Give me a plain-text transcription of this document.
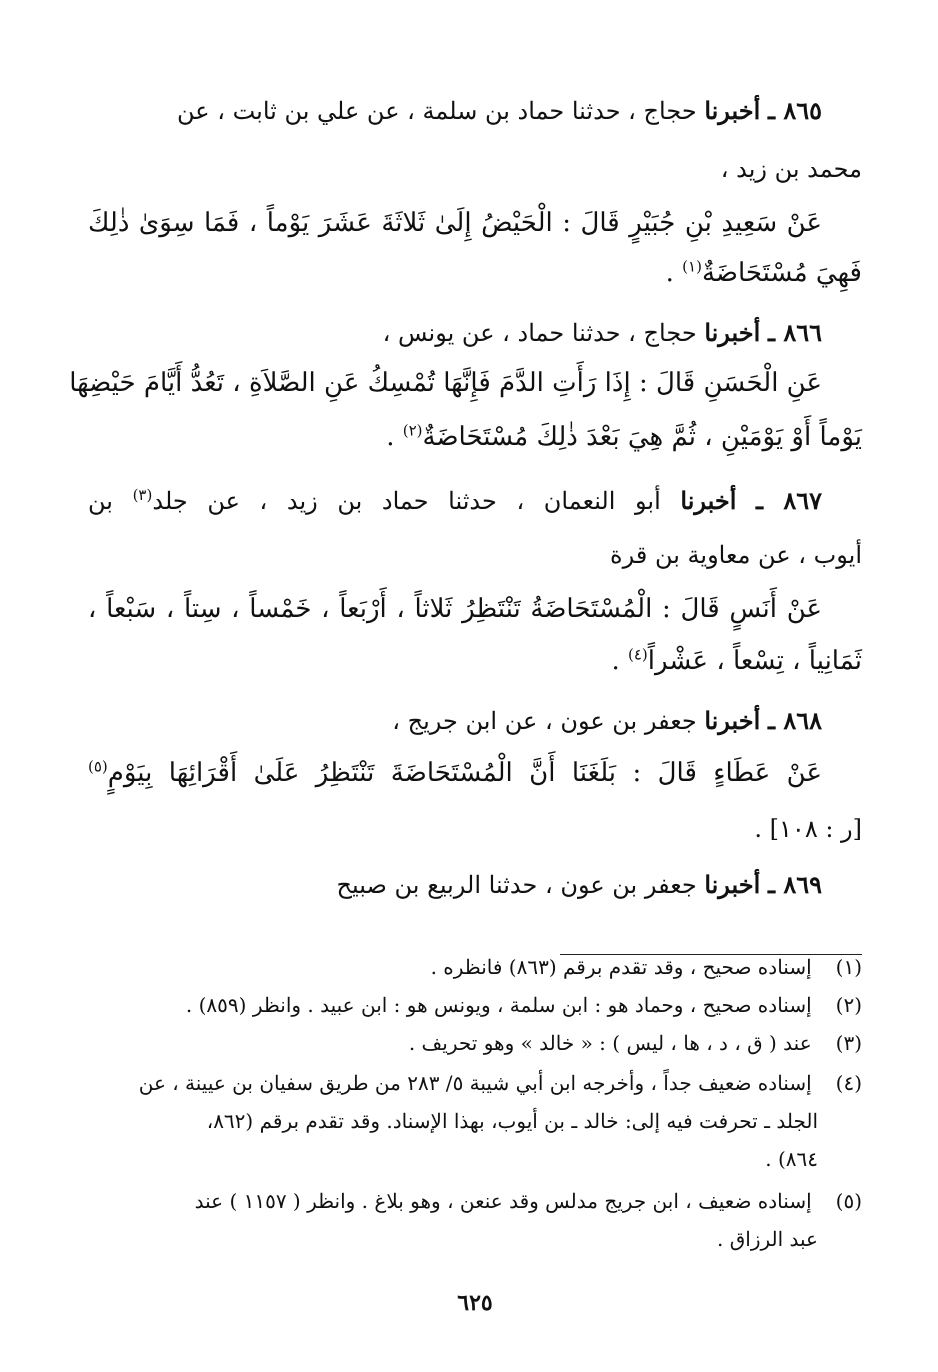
٨٦٥ ـ أخبرنا حجاج ، حدثنا حماد بن سلمة ، عن علي بن ثابت ، عن
محمد بن زيد ،
عَنْ سَعِيدِ بْنِ جُبَيْرٍ قَالَ : الْحَيْضُ إِلَىٰ ثَلاثَةَ عَشَرَ يَوْماً ، فَمَا سِوَىٰ ذٰلِكَ
فَهِيَ مُسْتَحَاضَةٌ$^{(١)}$ .
٨٦٦ ـ أخبرنا حجاج ، حدثنا حماد ، عن يونس ،
عَنِ الْحَسَنِ قَالَ : إِذَا رَأَتِ الدَّمَ فَإِنَّهَا تُمْسِكُ عَنِ الصَّلاَةِ ، تَعُدُّ أَيَّامَ حَيْضِهَا
يَوْماً أَوْ يَوْمَيْنِ ، ثُمَّ هِيَ بَعْدَ ذٰلِكَ مُسْتَحَاضَةٌ$^{(٢)}$ .
٨٦٧ ـ أخبرنا أبو النعمان ، حدثنا حماد بن زيد ، عن جلد$^{(٣)}$ بن
أيوب ، عن معاوية بن قرة
عَنْ أَنَسٍ قَالَ : الْمُسْتَحَاضَةُ تَنْتَظِرُ ثَلاثاً ، أَرْبَعاً ، خَمْساً ، سِتاً ، سَبْعاً ،
ثَمَانِياً ، تِسْعاً ، عَشْراً$^{(٤)}$ .
٨٦٨ ـ أخبرنا جعفر بن عون ، عن ابن جريج ،
عَنْ عَطَاءٍ قَالَ : بَلَغَنَا أَنَّ الْمُسْتَحَاضَةَ تَنْتَظِرُ عَلَىٰ أَقْرَائِهَا بِيَوْمٍ$^{(٥)}$
[ر : ١٠٨] .
٨٦٩ ـ أخبرنا جعفر بن عون ، حدثنا الربيع بن صبيح
(١) إسناده صحيح ، وقد تقدم برقم (٨٦٣) فانظره .
(٢) إسناده صحيح ، وحماد هو : ابن سلمة ، ويونس هو : ابن عبيد . وانظر (٨٥٩) .
(٣) عند ( ق ، د ، ها ، ليس ) : « خالد » وهو تحريف .
(٤) إسناده ضعيف جداً ، وأخرجه ابن أبي شيبة ٥/ ٢٨٣ من طريق سفيان بن عيينة ، عن
الجلد ـ تحرفت فيه إلى: خالد ـ بن أيوب، بهذا الإسناد. وقد تقدم برقم (٨٦٢،
٨٦٤) .
(٥) إسناده ضعيف ، ابن جريج مدلس وقد عنعن ، وهو بلاغ . وانظر ( ١١٥٧ ) عند
عبد الرزاق .
٦٢٥
